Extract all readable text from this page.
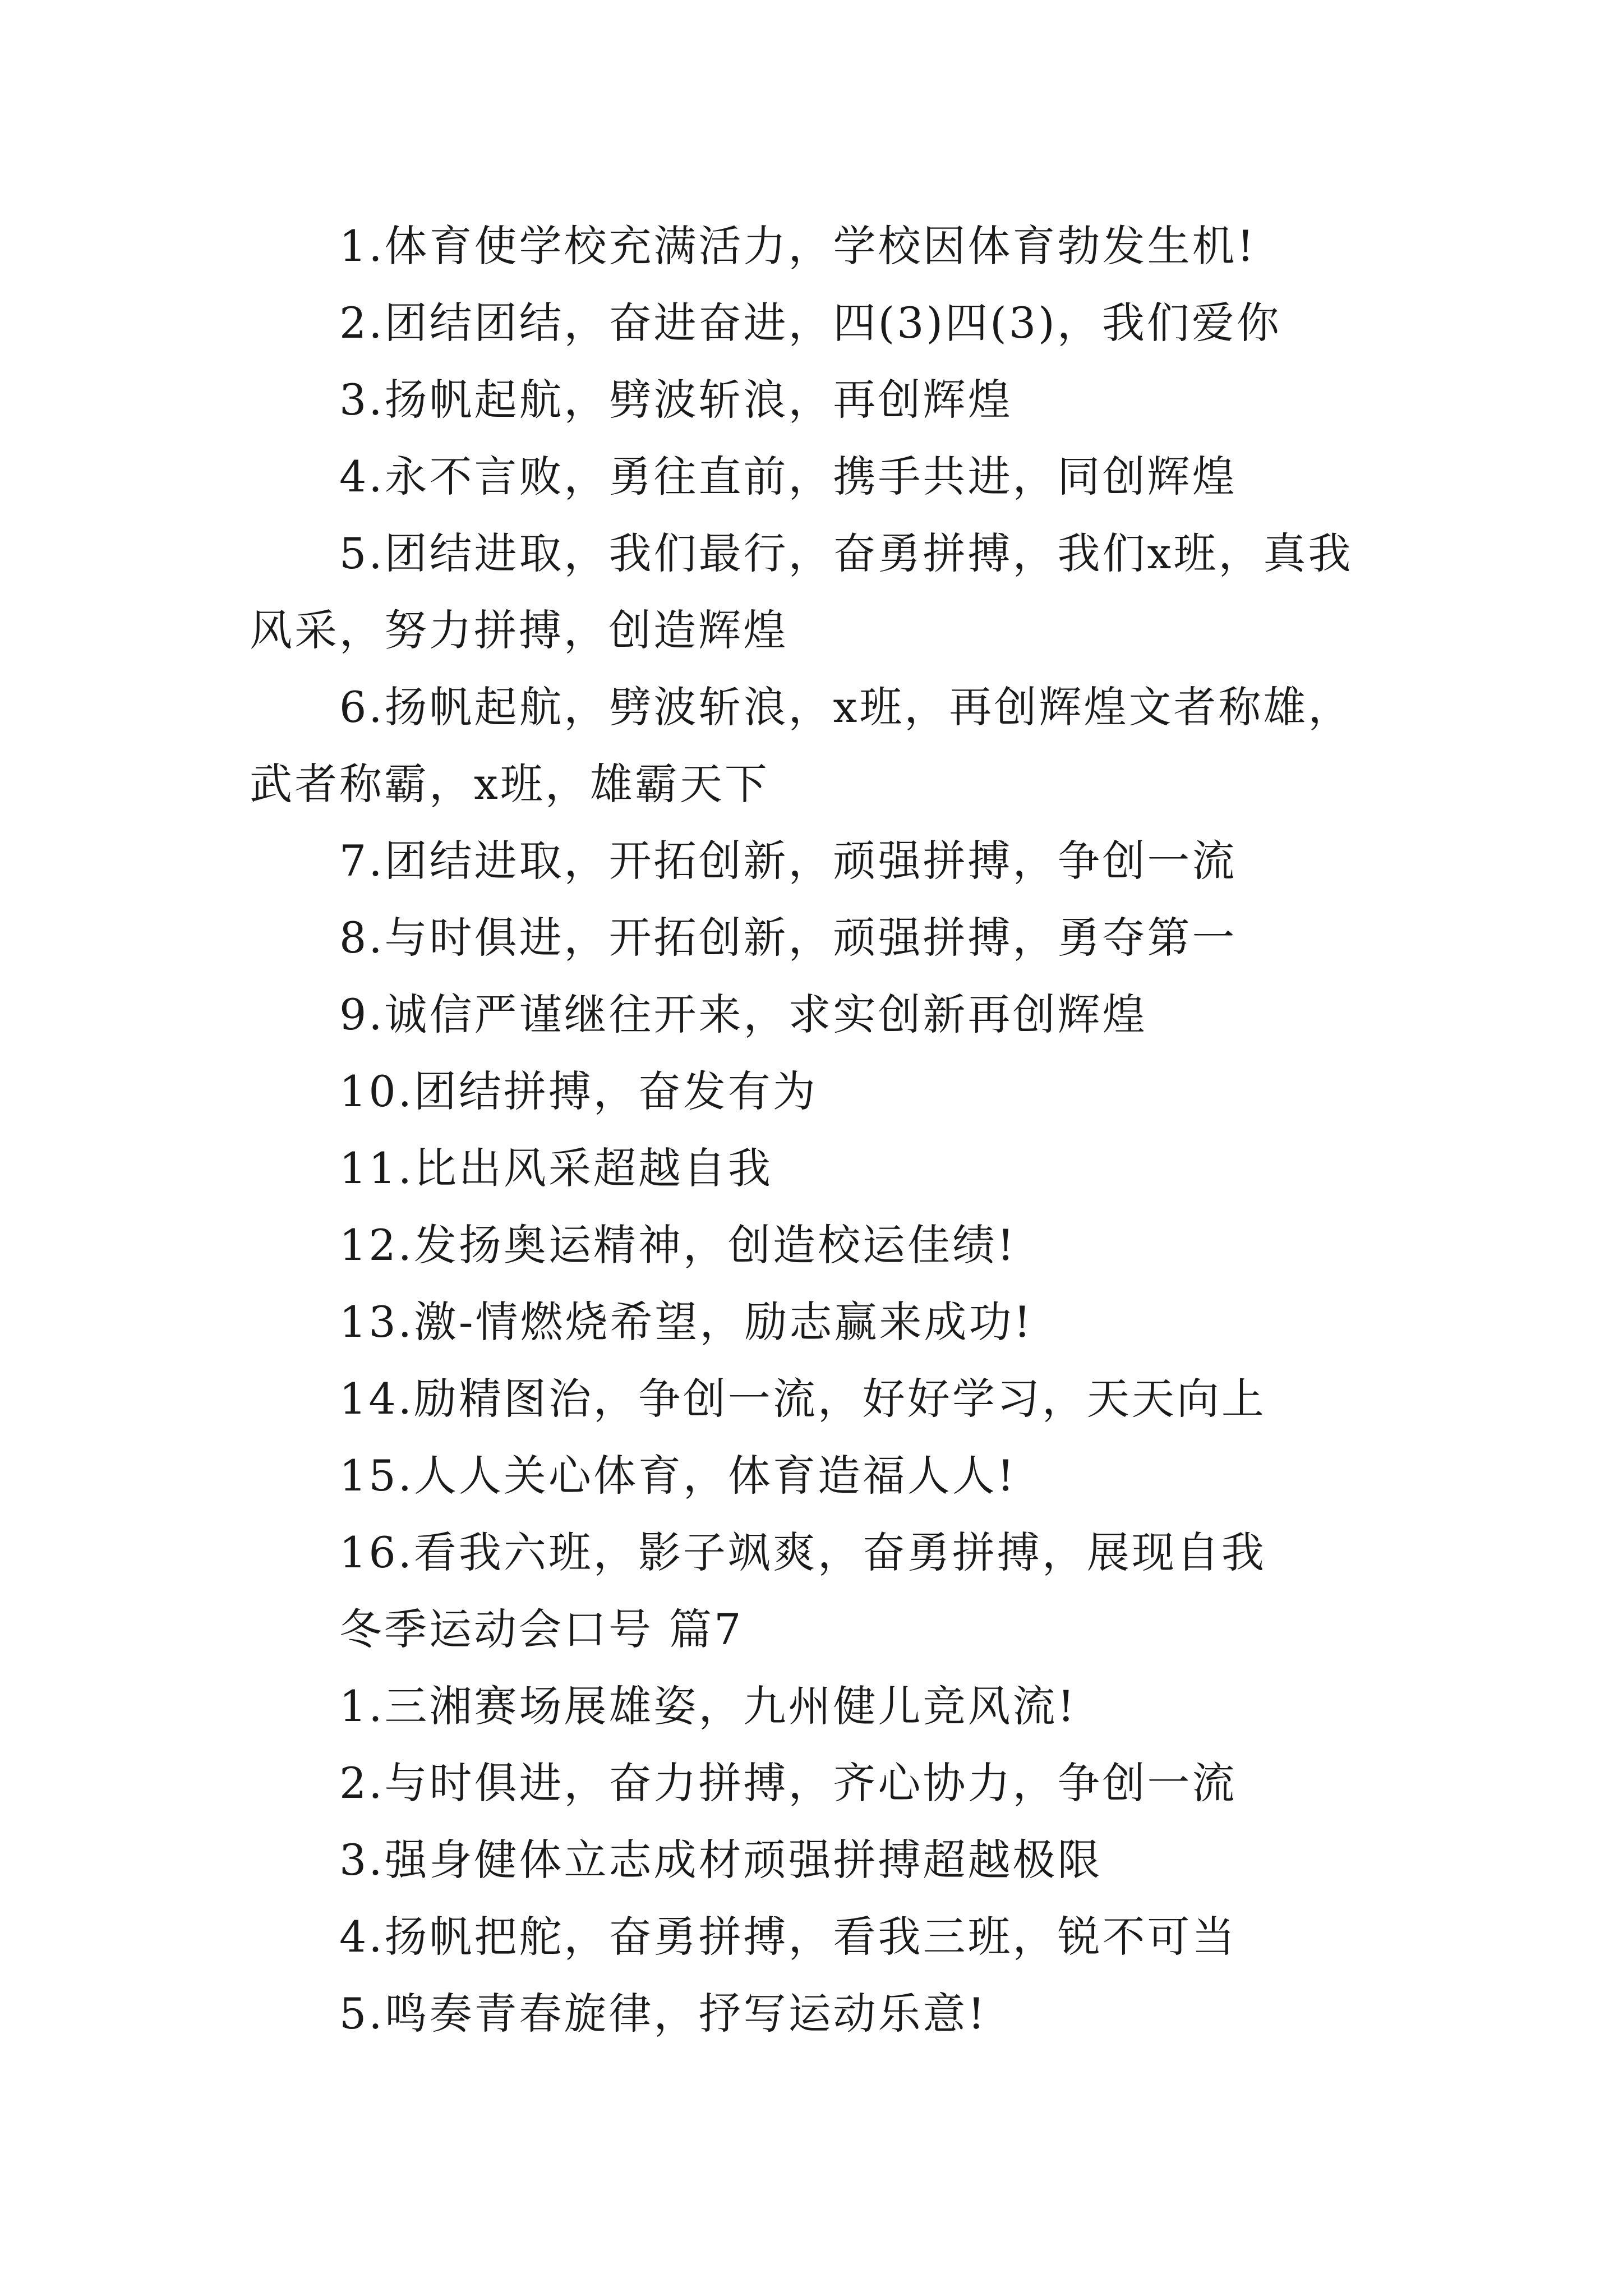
1.体育使学校充满活力，学校因体育勃发生机!

2.团结团结，奋进奋进，四(3)四(3)，我们爱你

3.扬帆起航，劈波斩浪，再创辉煌

4.永不言败，勇往直前，携手共进，同创辉煌

5.团结进取，我们最行，奋勇拼搏，我们x班，真我风采，努力拼搏，创造辉煌

6.扬帆起航，劈波斩浪，x班，再创辉煌文者称雄，武者称霸，x班，雄霸天下

7.团结进取，开拓创新，顽强拼搏，争创一流

8.与时俱进，开拓创新，顽强拼搏，勇夺第一

9.诚信严谨继往开来，求实创新再创辉煌

10.团结拼搏，奋发有为

11.比出风采超越自我

12.发扬奥运精神，创造校运佳绩!

13.激-情燃烧希望，励志赢来成功!

14.励精图治，争创一流，好好学习，天天向上

15.人人关心体育，体育造福人人!

16.看我六班，影子飒爽，奋勇拼搏，展现自我

冬季运动会口号 篇7

1.三湘赛场展雄姿，九州健儿竞风流!

2.与时俱进，奋力拼搏，齐心协力，争创一流

3.强身健体立志成材顽强拼搏超越极限

4.扬帆把舵，奋勇拼搏，看我三班，锐不可当

5.鸣奏青春旋律，抒写运动乐意!
